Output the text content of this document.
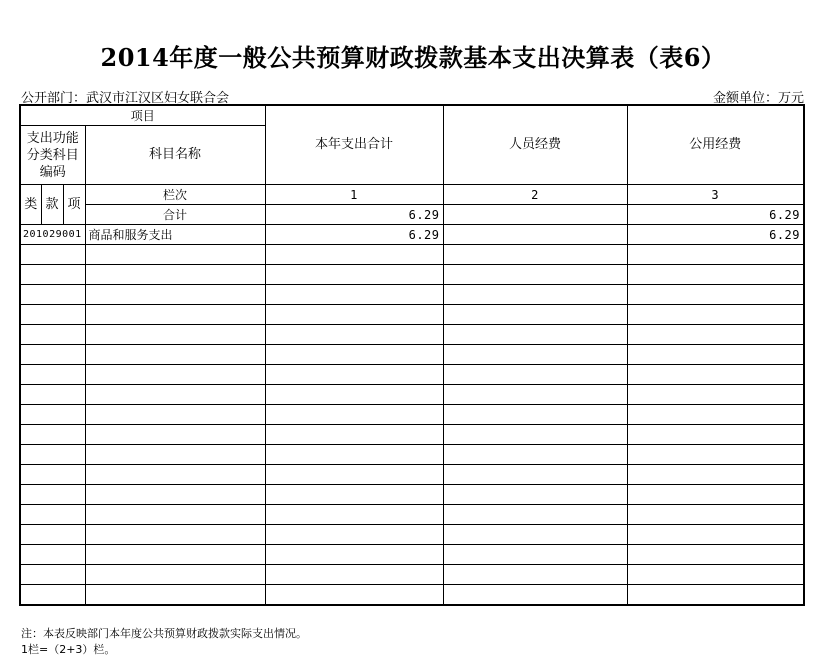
2014年度一般公共预算财政拨款基本支出决算表（表6）
公开部门：武汉市江汉区妇女联合会	金额单位：万元
项目				本年支出合计	人员经费	公用经费
支出功能分类科目编码			科目名称			
类	款	项	栏次	1	2	3
			合计	6.29		6.29
201029001			商品和服务支出	6.29		6.29

注：本表反映部门本年度公共预算财政拨款实际支出情况。
1栏=（2+3）栏。
